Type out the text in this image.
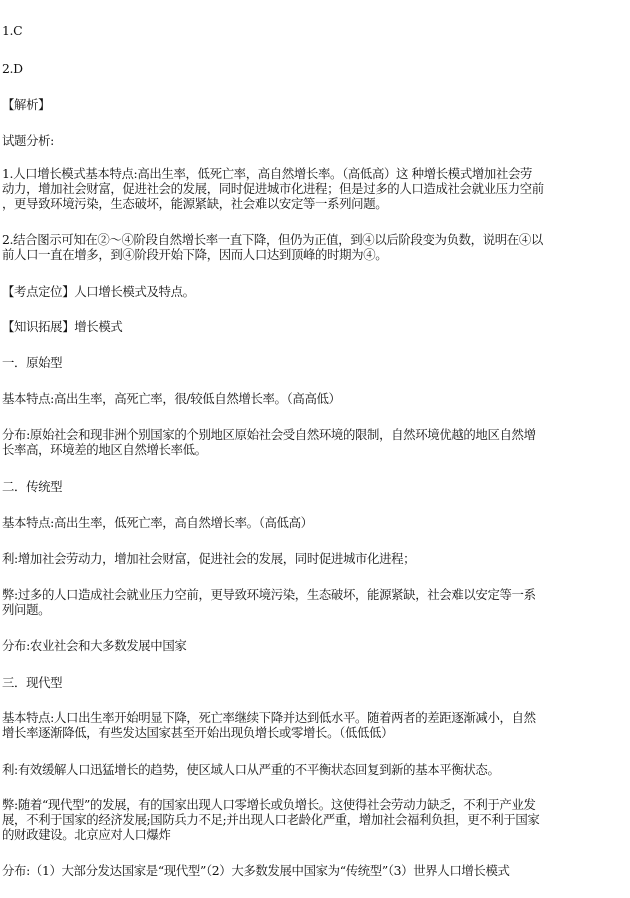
1.C
2.D
【解析】
试题分析:
1.人口增长模式基本特点:高出生率，低死亡率，高自然增长率。（高低高）这 种增长模式增加社会劳
动力，增加社会财富，促进社会的发展，同时促进城市化进程；但是过多的人口造成社会就业压力空前
，更导致环境污染，生态破坏，能源紧缺，社会难以安定等一系列问题。
2.结合图示可知在②～④阶段自然增长率一直下降，但仍为正值，到④以后阶段变为负数，说明在④以
前人口一直在增多，到④阶段开始下降，因而人口达到顶峰的时期为④。
【考点定位】人口增长模式及特点。
【知识拓展】增长模式
一．原始型
基本特点:高出生率，高死亡率，很/较低自然增长率。（高高低）
分布:原始社会和现非洲个别国家的个别地区原始社会受自然环境的限制，自然环境优越的地区自然增
长率高，环境差的地区自然增长率低。
二．传统型
基本特点:高出生率，低死亡率，高自然增长率。（高低高）
利:增加社会劳动力，增加社会财富，促进社会的发展，同时促进城市化进程；
弊:过多的人口造成社会就业压力空前，更导致环境污染，生态破坏，能源紧缺，社会难以安定等一系
列问题。
分布:农业社会和大多数发展中国家
三．现代型
基本特点:人口出生率开始明显下降，死亡率继续下降并达到低水平。随着两者的差距逐渐减小，自然
增长率逐渐降低，有些发达国家甚至开始出现负增长或零增长。（低低低）
利:有效缓解人口迅猛增长的趋势，使区域人口从严重的不平衡状态回复到新的基本平衡状态。
弊:随着“现代型”的发展，有的国家出现人口零增长或负增长。这使得社会劳动力缺乏，不利于产业发
展，不利于国家的经济发展;国防兵力不足;并出现人口老龄化严重，增加社会福利负担，更不利于国家
的财政建设。北京应对人口爆炸
分布:（1）大部分发达国家是“现代型”（2）大多数发展中国家为“传统型”（3）世界人口增长模式
